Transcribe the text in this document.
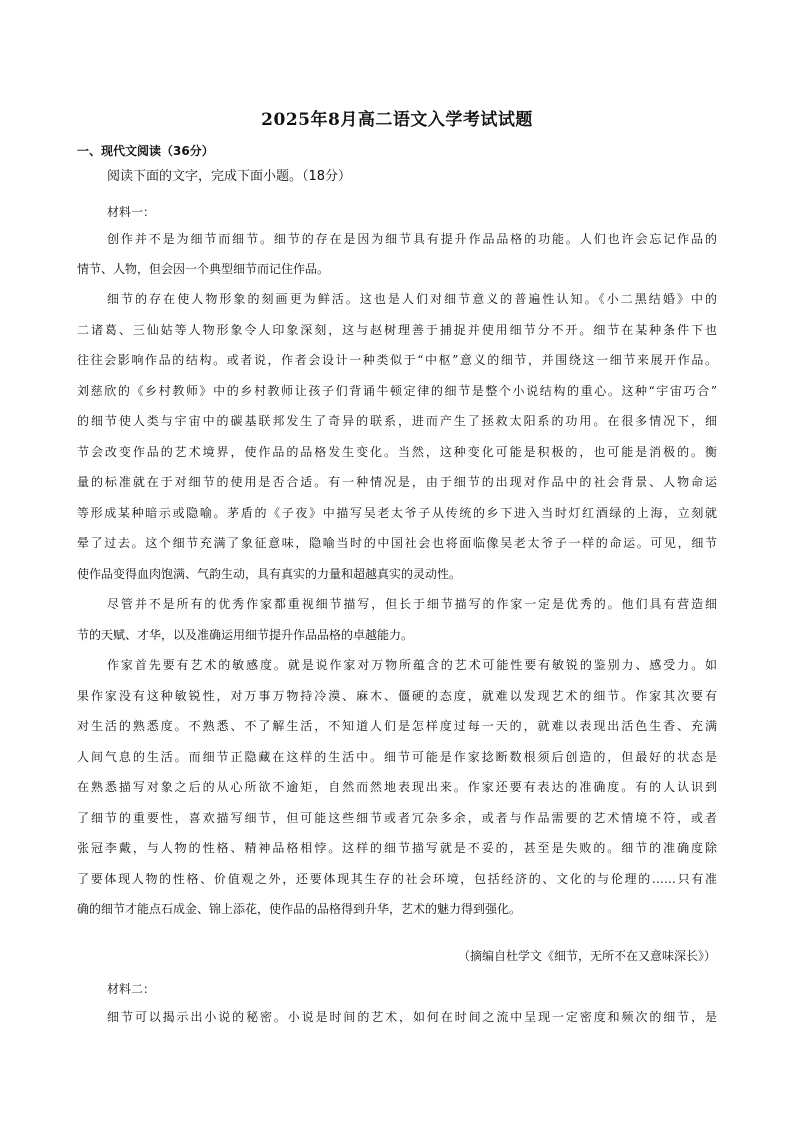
2025年8月高二语文入学考试试题
一、现代文阅读（36分）
阅读下面的文字，完成下面小题。（18分）
材料一：
创作并不是为细节而细节。细节的存在是因为细节具有提升作品品格的功能。人们也许会忘记作品的
情节、人物，但会因一个典型细节而记住作品。
细节的存在使人物形象的刻画更为鲜活。这也是人们对细节意义的普遍性认知。《小二黑结婚》中的
二诸葛、三仙姑等人物形象令人印象深刻，这与赵树理善于捕捉并使用细节分不开。细节在某种条件下也
往往会影响作品的结构。或者说，作者会设计一种类似于“中枢”意义的细节，并围绕这一细节来展开作品。
刘慈欣的《乡村教师》中的乡村教师让孩子们背诵牛顿定律的细节是整个小说结构的重心。这种“宇宙巧合”
的细节使人类与宇宙中的碳基联邦发生了奇异的联系，进而产生了拯救太阳系的功用。在很多情况下，细
节会改变作品的艺术境界，使作品的品格发生变化。当然，这种变化可能是积极的，也可能是消极的。衡
量的标准就在于对细节的使用是否合适。有一种情况是，由于细节的出现对作品中的社会背景、人物命运
等形成某种暗示或隐喻。茅盾的《子夜》中描写吴老太爷子从传统的乡下进入当时灯红酒绿的上海，立刻就
晕了过去。这个细节充满了象征意味，隐喻当时的中国社会也将面临像吴老太爷子一样的命运。可见，细节
使作品变得血肉饱满、气韵生动，具有真实的力量和超越真实的灵动性。
尽管并不是所有的优秀作家都重视细节描写，但长于细节描写的作家一定是优秀的。他们具有营造细
节的天赋、才华，以及准确运用细节提升作品品格的卓越能力。
作家首先要有艺术的敏感度。就是说作家对万物所蕴含的艺术可能性要有敏锐的鉴别力、感受力。如
果作家没有这种敏锐性，对万事万物持冷漠、麻木、僵硬的态度，就难以发现艺术的细节。作家其次要有
对生活的熟悉度。不熟悉、不了解生活，不知道人们是怎样度过每一天的，就难以表现出活色生香、充满
人间气息的生活。而细节正隐藏在这样的生活中。细节可能是作家捻断数根须后创造的，但最好的状态是
在熟悉描写对象之后的从心所欲不逾矩，自然而然地表现出来。作家还要有表达的准确度。有的人认识到
了细节的重要性，喜欢描写细节，但可能这些细节或者冗杂多余，或者与作品需要的艺术情境不符，或者
张冠李戴，与人物的性格、精神品格相悖。这样的细节描写就是不妥的，甚至是失败的。细节的准确度除
了要体现人物的性格、价值观之外，还要体现其生存的社会环境，包括经济的、文化的与伦理的……只有准
确的细节才能点石成金、锦上添花，使作品的品格得到升华，艺术的魅力得到强化。
（摘编自杜学文《细节，无所不在又意味深长》）
材料二：
细节可以揭示出小说的秘密。小说是时间的艺术，如何在时间之流中呈现一定密度和频次的细节，是
